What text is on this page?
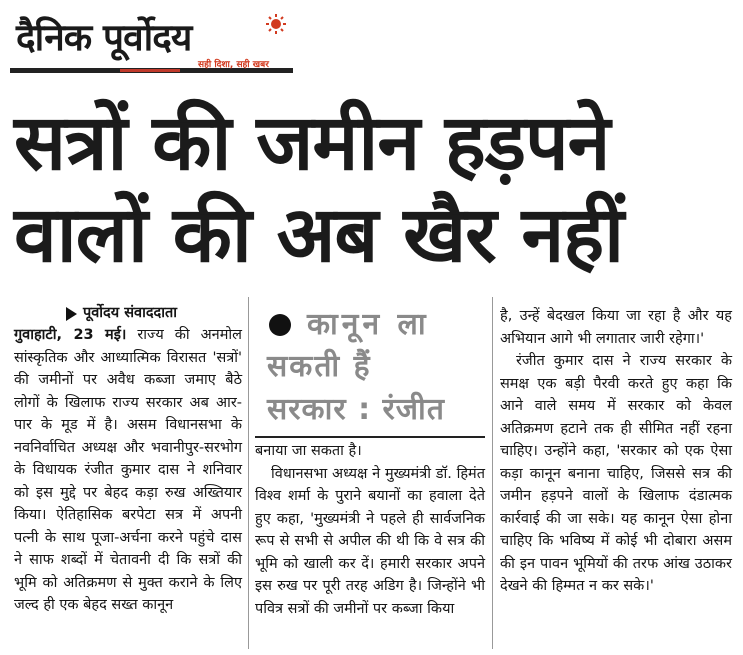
दैनिक पूर्वोदय
सही दिशा, सही खबर
सत्रों की जमीन हड़पने
वालों की अब खैर नहीं
पूर्वोदय संवाददाता

गुवाहाटी, 23 मई। राज्य की अनमोल सांस्कृतिक और आध्यात्मिक विरासत 'सत्रों' की जमीनों पर अवैध कब्जा जमाए बैठे लोगों के खिलाफ राज्य सरकार अब आर-पार के मूड में है। असम विधानसभा के नवनिर्वाचित अध्यक्ष और भवानीपुर-सरभोग के विधायक रंजीत कुमार दास ने शनिवार को इस मुद्दे पर बेहद कड़ा रुख अख्तियार किया। ऐतिहासिक बरपेटा सत्र में अपनी पत्नी के साथ पूजा-अर्चना करने पहुंचे दास ने साफ शब्दों में चेतावनी दी कि सत्रों की भूमि को अतिक्रमण से मुक्त कराने के लिए जल्द ही एक बेहद सख्त कानून

कानून ला
सकती हैं
सरकार : रंजीत

बनाया जा सकता है।

विधानसभा अध्यक्ष ने मुख्यमंत्री डॉ. हिमंत विश्व शर्मा के पुराने बयानों का हवाला देते हुए कहा, 'मुख्यमंत्री ने पहले ही सार्वजनिक रूप से सभी से अपील की थी कि वे सत्र की भूमि को खाली कर दें। हमारी सरकार अपने इस रुख पर पूरी तरह अडिग है। जिन्होंने भी पवित्र सत्रों की जमीनों पर कब्जा किया

है, उन्हें बेदखल किया जा रहा है और यह अभियान आगे भी लगातार जारी रहेगा।'

रंजीत कुमार दास ने राज्य सरकार के समक्ष एक बड़ी पैरवी करते हुए कहा कि आने वाले समय में सरकार को केवल अतिक्रमण हटाने तक ही सीमित नहीं रहना चाहिए। उन्होंने कहा, 'सरकार को एक ऐसा कड़ा कानून बनाना चाहिए, जिससे सत्र की जमीन हड़पने वालों के खिलाफ दंडात्मक कार्रवाई की जा सके। यह कानून ऐसा होना चाहिए कि भविष्य में कोई भी दोबारा असम की इन पावन भूमियों की तरफ आंख उठाकर देखने की हिम्मत न कर सके।'
